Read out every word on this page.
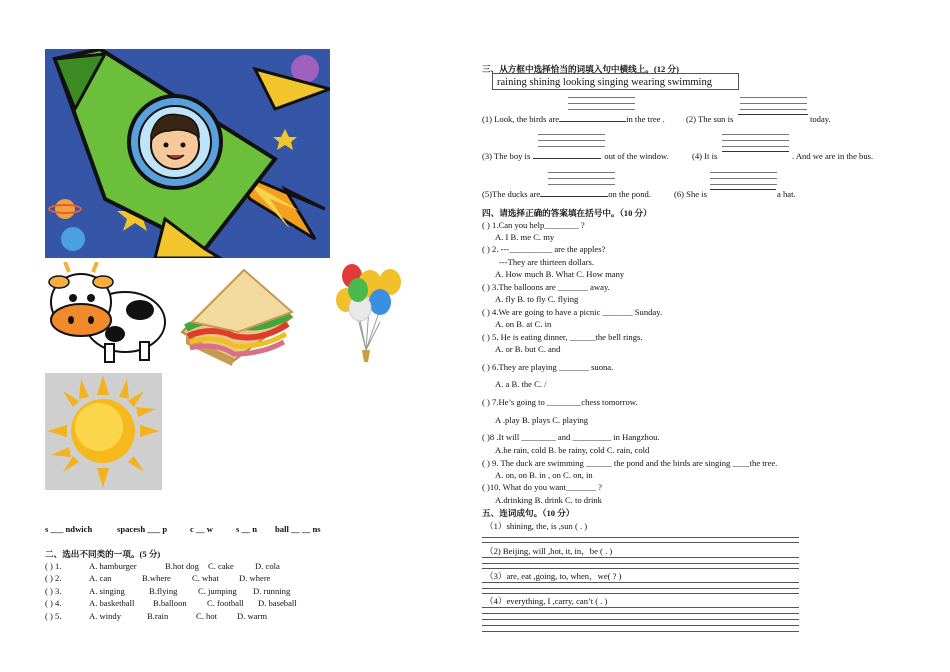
s ___ ndwich	spacesh ___ p	c __ w	s __ n ball __ __ ns
二、选出不同类的一项。(5 分)
( ) 1.	A. hamburger	B.hot dog C. cake D. cola
( ) 2.	A. can	B.where C. what D. where
( ) 3.	A. singing	B.flying C. jumping D. running
( ) 4.	A. basketball B.balloon C. football D. baseball
( ) 5.	A. windy	B.rain	C. hot D. warm
三、从方框中选择恰当的词填入句中横线上。(12 分)
raining shining looking singing wearing swimming
(1) Look, the birds are	in the tree . (2) The sun is	today.
(3) The boy is	out of the window.	(4) It is	. And we are in the bus.
(5)The ducks are	on the pond.	(6) She is	a hat.
四、请选择正确的答案填在括号中。（10 分）
( ) 1.Can you help________ ?
A. I B. me C. my
( ) 2. ---__________ are the apples?
---They are thirteen dollars.
A. How much B. What C. How many
( ) 3.The balloons are _______ away.
A. fly B. to fly C. flying
( ) 4.We are going to have a picnic _______ Sunday.
A. on B. at C. in
( ) 5. He is eating dinner, ______the bell rings.
A. or B. but C. and
( ) 6.They are playing _______ suona.
A. a B. the C. /
( ) 7.He’s going to ________chess tomorrow.
A .play B. plays C. playing
( )8 .It will ________ and _________ in Hangzhou.
A.be rain, cold B. be rainy, cold C. rain, cold
( ) 9. The duck are swimming ______ the pond and the birds are singing ____the tree.
A. on, on B. in , on C. on, in
( )10. What do you want_______ ?
A.drinking B. drink C. to drink
五、连词成句。（10 分）
（1）shining, the, is ,sun ( . )
（2) Beijing, will ,hot, it, in，be ( . )
（3）are, eat ,going, to, when，we( ? )
（4）everything, I ,carry, can’t ( . )
